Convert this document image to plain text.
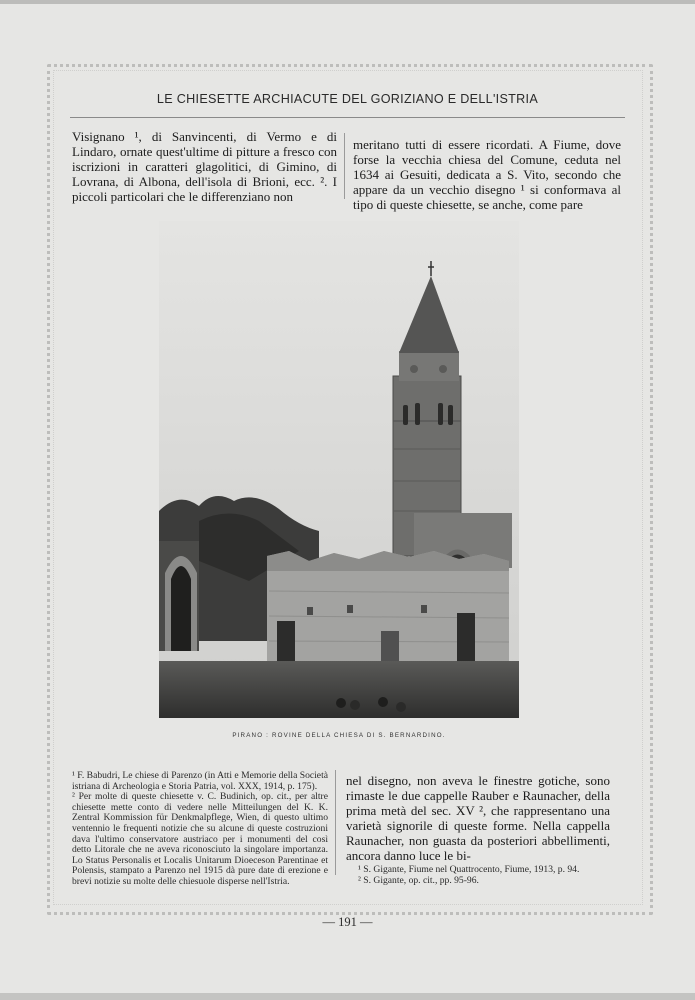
LE CHIESETTE ARCHIACUTE DEL GORIZIANO E DELL'ISTRIA

Visignano ¹, di Sanvincenti, di Vermo e di Lindaro, ornate quest'ultime di pitture a fresco con iscrizioni in caratteri glagolitici, di Gimino, di Lovrana, di Albona, dell'isola di Brioni, ecc. ². I piccoli particolari che le differenziano non

meritano tutti di essere ricordati. A Fiume, dove forse la vecchia chiesa del Comune, ceduta nel 1634 ai Gesuiti, dedicata a S. Vito, secondo che appare da un vecchio disegno ¹ si conformava al tipo di queste chiesette, se anche, come pare

PIRANO : ROVINE DELLA CHIESA DI S. BERNARDINO.

¹ F. Babudri, Le chiese di Parenzo (in Atti e Memorie della Società istriana di Archeologia e Storia Patria, vol. XXX, 1914, p. 175).

² Per molte di queste chiesette v. C. Budinich, op. cit., per altre chiesette mette conto di vedere nelle Mitteilungen del K. K. Zentral Kommission für Denkmalpflege, Wien, di questo ultimo ventennio le frequenti notizie che su alcune di queste costruzioni dava l'ultimo conservatore austriaco per i monumenti del così detto Litorale che ne aveva riconosciuto la singolare importanza. Lo Status Personalis et Localis Unitarum Dioeceson Parentinae et Polensis, stampato a Parenzo nel 1915 dà pure date di erezione e brevi notizie su molte delle chiesuole disperse nell'Istria.

nel disegno, non aveva le finestre gotiche, sono rimaste le due cappelle Rauber e Raunacher, della prima metà del sec. XV ², che rappresentano una varietà signorile di queste forme. Nella cappella Raunacher, non guasta da posteriori abbellimenti, ancora danno luce le bi-

¹ S. Gigante, Fiume nel Quattrocento, Fiume, 1913, p. 94.

² S. Gigante, op. cit., pp. 95-96.

— 191 —
